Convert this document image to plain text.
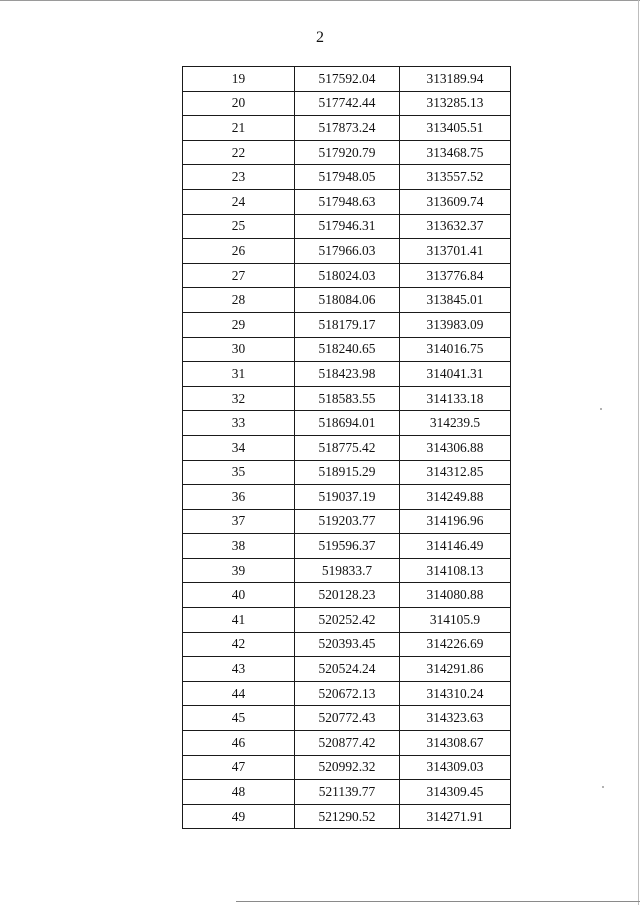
2
19	517592.04	313189.94
20	517742.44	313285.13
21	517873.24	313405.51
22	517920.79	313468.75
23	517948.05	313557.52
24	517948.63	313609.74
25	517946.31	313632.37
26	517966.03	313701.41
27	518024.03	313776.84
28	518084.06	313845.01
29	518179.17	313983.09
30	518240.65	314016.75
31	518423.98	314041.31
32	518583.55	314133.18
33	518694.01	314239.5
34	518775.42	314306.88
35	518915.29	314312.85
36	519037.19	314249.88
37	519203.77	314196.96
38	519596.37	314146.49
39	519833.7	314108.13
40	520128.23	314080.88
41	520252.42	314105.9
42	520393.45	314226.69
43	520524.24	314291.86
44	520672.13	314310.24
45	520772.43	314323.63
46	520877.42	314308.67
47	520992.32	314309.03
48	521139.77	314309.45
49	521290.52	314271.91
